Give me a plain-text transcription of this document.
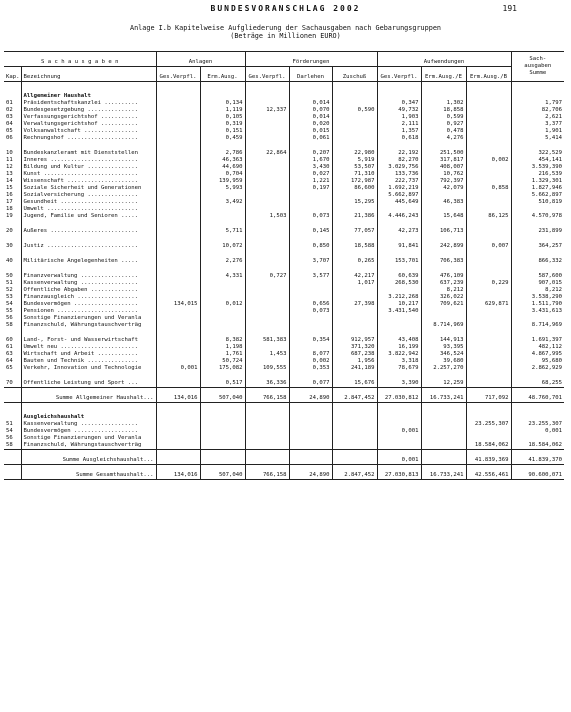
BUNDESVORANSCHLAG 2002	191
Anlage I.b Kapitelweise Aufgliederung der Sachausgaben nach Gebarungsgruppen
(Beträge in Millionen EURO)
S a c h a u s g a b e n		Anlagen		Förderungen			Aufwendungen			Sach-
ausgaben
Summe
Kap.	Bezeichnung	Ges.Verpfl.	Erm.Ausg.	Ges.Verpfl.	Darlehen	Zuschuß	Ges.Verpfl.	Erm.Ausg./E	Erm.Ausg./B	
	Allgemeiner Haushalt									
01	Präsidentschaftskanzlei ..........		0,134		0,014		0,347	1,302		1,797
02	Bundesgesetzgebung ...............		1,119	12,337	0,070	0,590	49,732	18,858		82,706
03	Verfassungsgerichtshof ...........		0,105		0,014		1,903	0,599		2,621
04	Verwaltungsgerichtshof ...........		0,319		0,020		2,111	0,927		3,377
05	Volksanwaltschaft ................		0,151		0,015		1,357	0,478		1,901
06	Rechnungshof .....................		0,459		0,061		0,618	4,276		5,414

10	Bundeskanzleramt mit Dienststellen		2,786	22,864	0,207	22,980	22,192	251,500		322,529
11	Inneres ..........................		46,363		1,670	5,919	82,270	317,817	0,002	454,141
12	Bildung und Kultur ...............		44,690		3,430	53,507	3.029,756	408,007		3.539,390
13	Kunst ............................		0,704		0,027	71,310	133,736	10,762		216,539
14	Wissenschaft .....................		139,959		1,221	172,987	222,737	792,397		1.329,301
15	Soziale Sicherheit und Generationen		5,993		0,197	86,600	1.692,219	42,079	0,858	1.827,946
16	Sozialversicherung ...............						5.662,897			5.662,897
17	Gesundheit .......................		3,492			15,295	445,649	46,383		510,819
18	Umwelt ...........................									
19	Jugend, Familie und Senioren .....			1,503	0,073	21,386	4.446,243	15,648	86,125	4.570,978

20	Äußeres ..........................		5,711		0,145	77,057	42,273	106,713		231,899

30	Justiz ...........................		10,072		0,850	18,588	91,841	242,899	0,007	364,257

40	Militärische Angelegenheiten .....		2,276		3,707	0,265	153,701	706,383		866,332

50	Finanzverwaltung .................		4,331	0,727	3,577	42,217	60,639	476,109		587,600
51	Kassenverwaltung .................					1,017	268,530	637,239	0,229	907,015
52	Öffentliche Abgaben ..............							8,212		8,212
53	Finanzausgleich ..................						3.212,268	326,022		3.538,290
54	Bundesvermögen ...................	134,015	0,012		0,656	27,398	10,217	709,621	629,871	1.511,790
55	Pensionen ........................				0,073		3.431,540			3.431,613
56	Sonstige Finanzierungen und Veranla									
58	Finanzschuld, Währungstauschverträg							8.714,969		8.714,969

60	Land-, Forst- und Wasserwirtschaft		8,382	581,383	0,354	912,957	43,408	144,913		1.691,397
61	Umwelt neu .......................		1,198			371,320	16,199	93,395		482,112
63	Wirtschaft und Arbeit ............		1,761	1,453	8,077	687,238	3.822,942	346,524		4.867,995
64	Bauten und Technik ...............		50,724		0,002	1,956	3,318	39,680		95,680
65	Verkehr, Innovation und Technologie	0,001	175,082	109,555	0,353	241,189	78,679	2.257,270		2.862,929

70	Öffentliche Leistung und Sport ...		0,517	36,336	0,077	15,676	3,390	12,259		68,255
	Summe Allgemeiner Haushalt...	134,016	507,040	766,158	24,890	2.847,452	27.030,812	16.733,241	717,092	48.760,701
	Ausgleichshaushalt									
51	Kassenverwaltung .................								23.255,307	23.255,307
54	Bundesvermögen ...................						0,001			0,001
56	Sonstige Finanzierungen und Veranla									
58	Finanzschuld, Währungstauschverträg								18.584,062	18.584,062
	Summe Ausgleichshaushalt...						0,001		41.839,369	41.839,370
	Summe Gesamthaushalt...	134,016	507,040	766,158	24,890	2.847,452	27.030,813	16.733,241	42.556,461	90.600,071
